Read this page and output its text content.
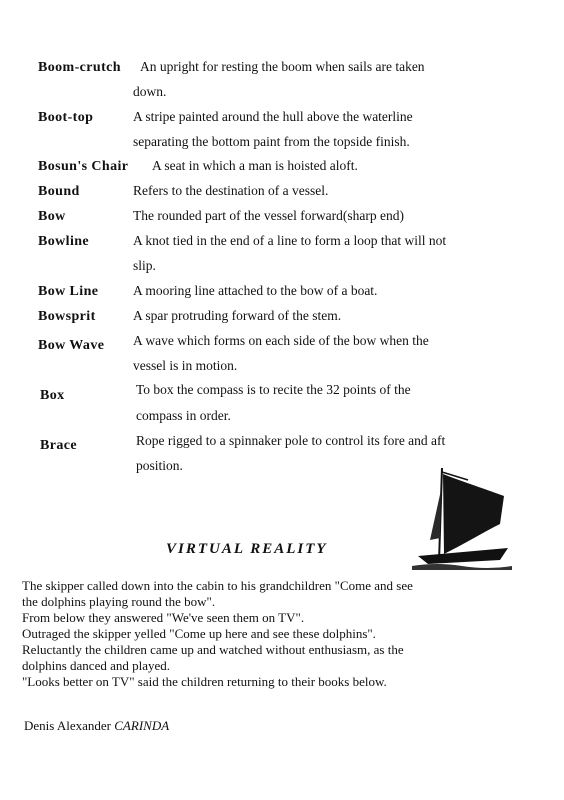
Boom-crutch An upright for resting the boom when sails are taken
down.
Boot-top	A stripe painted around the hull above the waterline
separating the bottom paint from the topside finish.
Bosun's Chair A seat in which a man is hoisted aloft.
Bound	Refers to the destination of a vessel.
Bow	The rounded part of the vessel forward(sharp end)
Bowline	A knot tied in the end of a line to form a loop that will not
slip.
Bow Line	A mooring line attached to the bow of a boat.
Bowsprit	A spar protruding forward of the stem.
Bow Wave A wave which forms on each side of the bow when the
vessel is in motion.
Box	To box the compass is to recite the 32 points of the
compass in order.
Brace	Rope rigged to a spinnaker pole to control its fore and aft
position.
VIRTUAL REALITY
The skipper called down into the cabin to his grandchildren "Come and see
the dolphins playing round the bow".
From below they answered "We've seen them on TV".
Outraged the skipper yelled "Come up here and see these dolphins".
Reluctantly the children came up and watched without enthusiasm, as the
dolphins danced and played.
"Looks better on TV" said the children returning to their books below.
Denis Alexander CARINDA
